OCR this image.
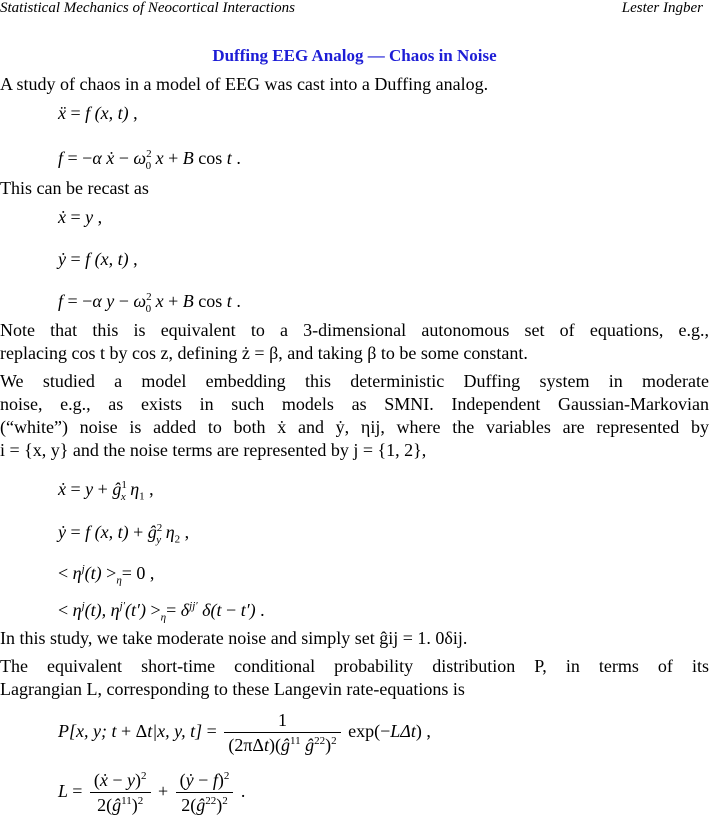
Statistical Mechanics of Neocortical Interactions	Lester Ingber
Duffing EEG Analog — Chaos in Noise
A study of chaos in a model of EEG was cast into a Duffing analog.
ẍ = f (x, t) ,
f = −α ẋ − $\omega^2_0$ x + B cos t .
This can be recast as
ẋ = y ,
ẏ = f (x, t) ,
f = −α $y - \omega^2_0$ x + B cos t .
Note that this is equivalent to a 3-dimensional autonomous set of equations, e.g.,
replacing cos t by cos z, defining ż = β, and taking β to be some constant.
We studied a model embedding this deterministic Duffing system in moderate
noise, e.g., as exists in such models as SMNI. Independent Gaussian-Markovian
(“white”) noise is added to both ẋ and ẏ, ηij, where the variables are represented by
i = {x, y} and the noise terms are represented by j = {1, 2},
ẋ = y + ĝ$^1_x$ $\eta_1$ ,
ẏ = f (x, t) + ĝ$^2_y$ $\eta_2$ ,
< $\eta^j(t) >_\eta= 0$ ,
< $\eta^j(t)$, $\eta^{j'}(t') >_\eta= \delta^{jj'}$ δ(t − t′) .
In this study, we take moderate noise and simply set ĝij = 1. 0δij.
The equivalent short-time conditional probability distribution P, in terms of its
Lagrangian L, corresponding to these Langevin rate-equations is
P[x, y; t + Δt|x, y, $t] = \frac{1}{(2\pi\Delta t)(ĝ^{11} ĝ^{22})^2} \exp(-L\Delta t)$ ,
$L = \frac{(ẋ - y)^2}{2(ĝ^{11})^2} + \frac{(ẏ - f)^2}{2(ĝ^{22})^2}$ .
